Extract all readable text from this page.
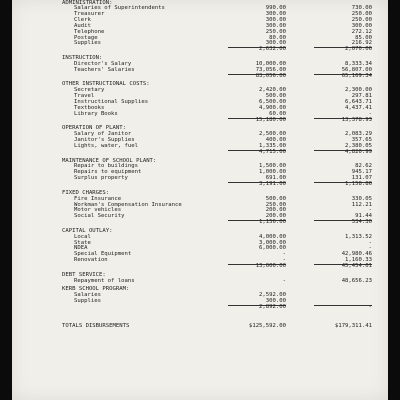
ADMINISTRATION:
Salaries of Superintendents	990.00	730.00
Treasurer	300.00	250.00
Clerk	300.00	250.00
Audit	300.00	300.00
Telephone	250.00	272.12
Postage	80.00	85.00
Supplies	300.00	216.92
2,632.00	2,070.06
INSTRUCTION:
Director's Salary	10,000.00	8,333.34
Teachers' Salaries	73,056.00	56,807.00
83,056.00	65,169.34
OTHER INSTRUCTIONAL COSTS:
Secretary	2,420.00	2,300.00
Travel	500.00	297.81
Instructional Supplies	6,500.00	6,643.71
Textbooks	4,900.00	4,437.41
Library Books	60.00	-
15,180.00	13,378.93
OPERATION OF PLANT:
Salary of Janitor	2,500.00	2,083.29
Janitor's Supplies	400.00	357.65
Lights, water, fuel	1,335.00	2,380.05
4,715.00	4,820.99
MAINTENANCE OF SCHOOL PLANT:
Repair to buildings	1,500.00	82.62
Repairs to equipment	1,000.00	945.17
Surplus property	691.00	131.07
3,191.00	1,158.86
FIXED CHARGES:
Fire Insurance	500.00	330.05
Workman's Compensation Insurance	250.00	112.21
Motor vehicles	200.00	-
Social Security	200.00	91.44
1,150.00	534.30
CAPITAL OUTLAY:
Local	4,000.00	1,313.52
State	3,000.00	-
NDEA	6,000.00	-
Special Equipment	-	42,980.46
Renovation	-	1,160.33
13,000.00	45,454.01
DEBT SERVICE:
Repayment of loans	-	48,656.23
KERB SCHOOL PROGRAM:
Salaries	2,592.00
Supplies	300.00
2,892.00	-
TOTALS DISBURSEMENTS	$125,592.00	$179,311.41
